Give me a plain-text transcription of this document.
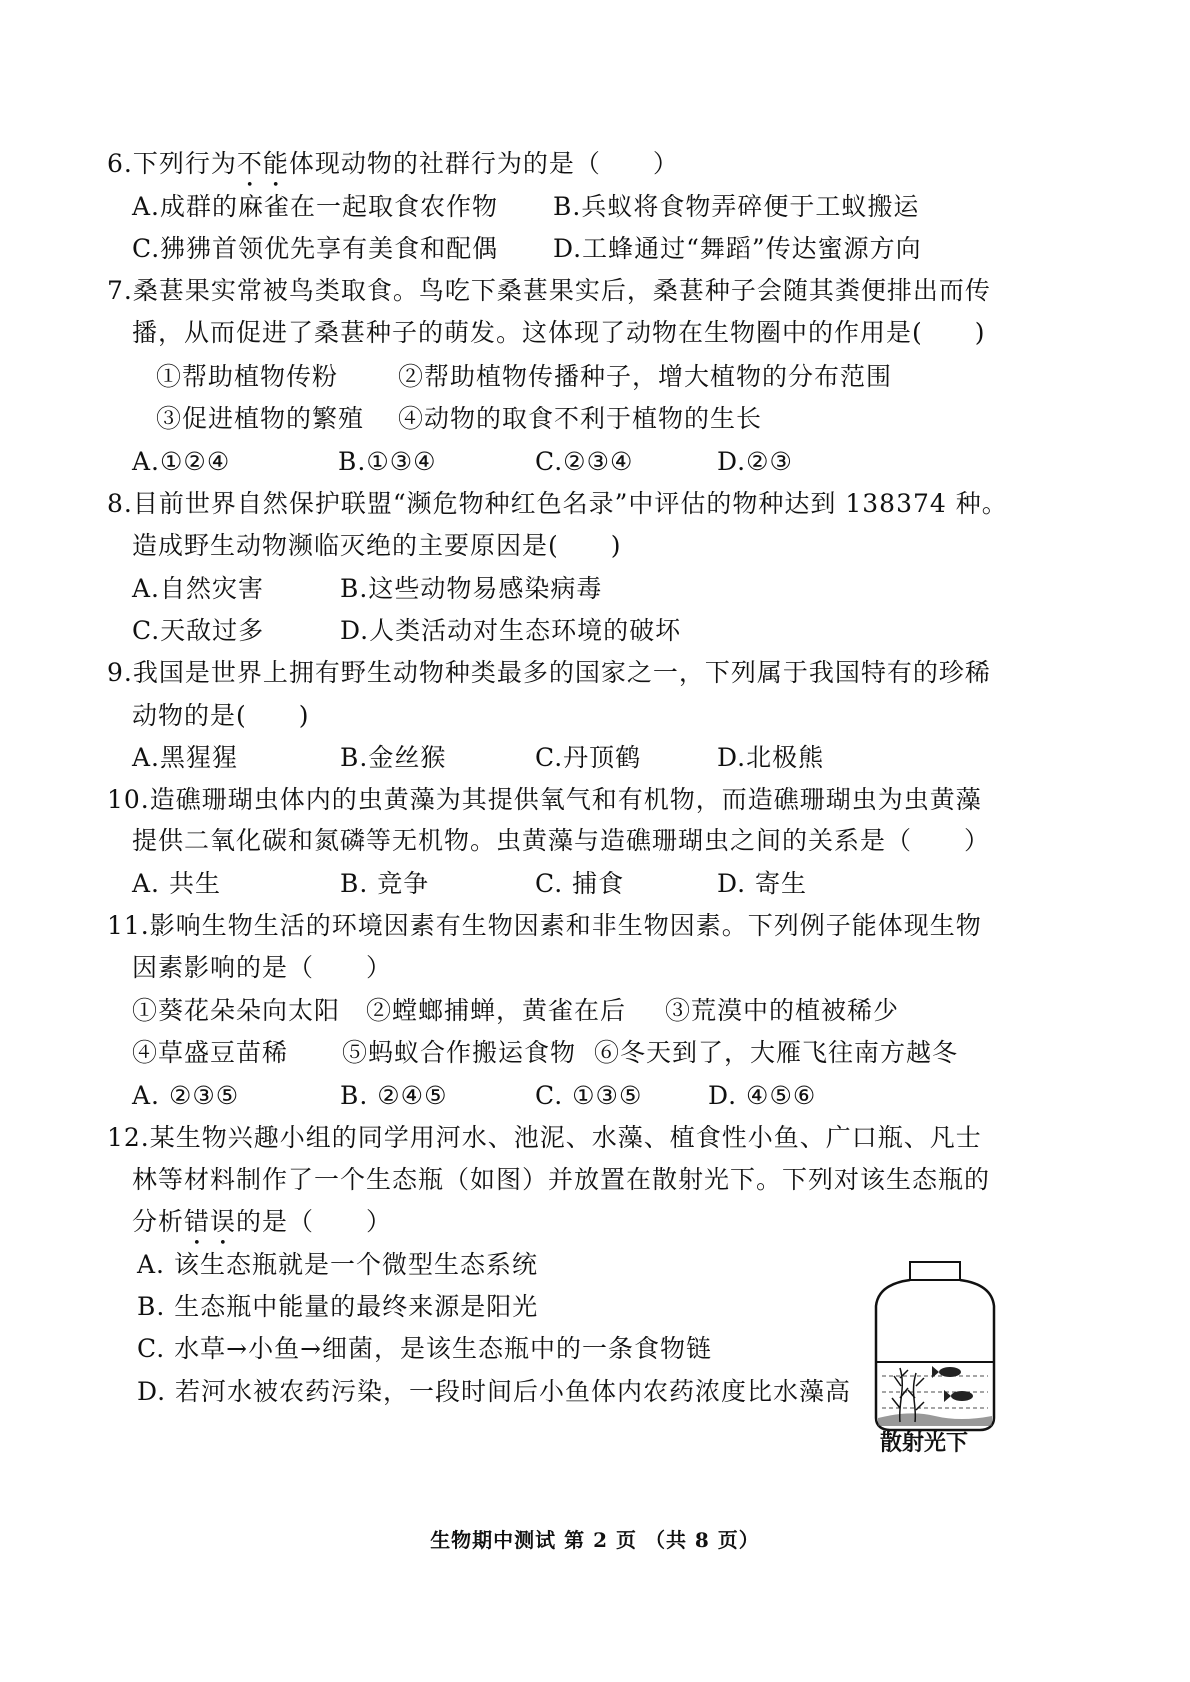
6.下列行为不能体现动物的社群行为的是（　　）
A.成群的麻雀在一起取食农作物 B.兵蚁将食物弄碎便于工蚁搬运
C.狒狒首领优先享有美食和配偶 D.工蜂通过“舞蹈”传达蜜源方向
7.桑葚果实常被鸟类取食。鸟吃下桑葚果实后，桑葚种子会随其粪便排出而传
播，从而促进了桑葚种子的萌发。这体现了动物在生物圈中的作用是(　　)
①帮助植物传粉 ②帮助植物传播种子，增大植物的分布范围
③促进植物的繁殖 ④动物的取食不利于植物的生长
A.①②④	B.①③④	C.②③④	D.②③
8.目前世界自然保护联盟“濒危物种红色名录”中评估的物种达到 138374 种。
造成野生动物濒临灭绝的主要原因是(　　)
A.自然灾害	B.这些动物易感染病毒
C.天敌过多	D.人类活动对生态环境的破坏
9.我国是世界上拥有野生动物种类最多的国家之一，下列属于我国特有的珍稀
动物的是(　　)
A.黑猩猩	B.金丝猴	C.丹顶鹤	D.北极熊
10.造礁珊瑚虫体内的虫黄藻为其提供氧气和有机物，而造礁珊瑚虫为虫黄藻
提供二氧化碳和氮磷等无机物。虫黄藻与造礁珊瑚虫之间的关系是（　　）
A. 共生	B. 竞争	C. 捕食	D. 寄生
11.影响生物生活的环境因素有生物因素和非生物因素。下列例子能体现生物
因素影响的是（　　）
①葵花朵朵向太阳 ②螳螂捕蝉，黄雀在后 ③荒漠中的植被稀少
④草盛豆苗稀 ⑤蚂蚁合作搬运食物 ⑥冬天到了，大雁飞往南方越冬
A. ②③⑤	B. ②④⑤	C. ①③⑤	D. ④⑤⑥
12.某生物兴趣小组的同学用河水、池泥、水藻、植食性小鱼、广口瓶、凡士
林等材料制作了一个生态瓶（如图）并放置在散射光下。下列对该生态瓶的
分析错误的是（　　）
A. 该生态瓶就是一个微型生态系统
B. 生态瓶中能量的最终来源是阳光
C. 水草→小鱼→细菌，是该生态瓶中的一条食物链
D. 若河水被农药污染，一段时间后小鱼体内农药浓度比水藻高
散射光下
生物期中测试 第 2 页 （共 8 页）
